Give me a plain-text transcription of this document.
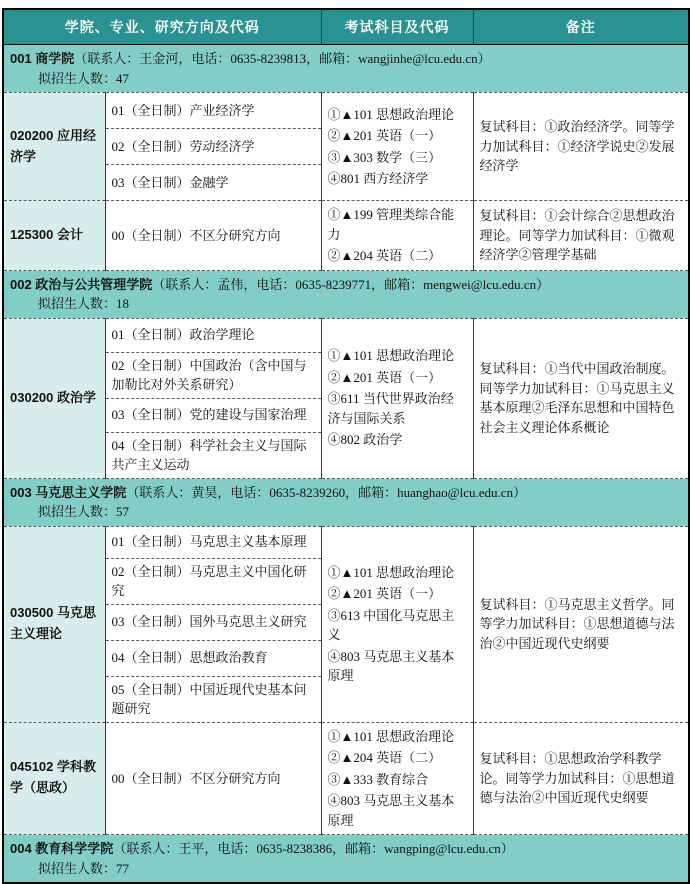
学院、专业、研究方向及代码		考试科目及代码	备注

001 商学院（联系人：王金河，电话：0635-8239813，邮箱：wangjinhe@lcu.edu.cn）
拟招生人数：47			

020200 应用经济学	01（全日制）产业经济学	①▲101 思想政治理论
②▲201 英语（一）
③▲303 数学（三）
④801 西方经济学	复试科目：①政治经济学。同等学力加试科目：①经济学说史②发展经济学
	02（全日制）劳动经济学		
	03（全日制）金融学		
125300 会计	00（全日制）不区分研究方向	①▲199 管理类综合能力
②▲204 英语（二）	复试科目：①会计综合②思想政治理论。同等学力加试科目：①微观经济学②管理学基础

002 政治与公共管理学院（联系人：孟伟，电话：0635-8239771，邮箱：mengwei@lcu.edu.cn）
拟招生人数：18			

030200 政治学	01（全日制）政治学理论	①▲101 思想政治理论
②▲201 英语（一）
③611 当代世界政治经济与国际关系
④802 政治学	复试科目：①当代中国政治制度。同等学力加试科目：①马克思主义基本原理②毛泽东思想和中国特色社会主义理论体系概论
	02（全日制）中国政治（含中国与加勒比对外关系研究）		
	03（全日制）党的建设与国家治理		
	04（全日制）科学社会主义与国际共产主义运动		

003 马克思主义学院（联系人：黄昊，电话：0635-8239260，邮箱：huanghao@lcu.edu.cn）
拟招生人数：57			

030500 马克思主义理论	01（全日制）马克思主义基本原理	①▲101 思想政治理论
②▲201 英语（一）
③613 中国化马克思主义
④803 马克思主义基本原理	复试科目：①马克思主义哲学。同等学力加试科目：①思想道德与法治②中国近现代史纲要
	02（全日制）马克思主义中国化研究		
	03（全日制）国外马克思主义研究		
	04（全日制）思想政治教育		
	05（全日制）中国近现代史基本问题研究		
045102 学科教学（思政）	00（全日制）不区分研究方向	①▲101 思想政治理论
②▲204 英语（二）
③▲333 教育综合
④803 马克思主义基本原理	复试科目：①思想政治学科教学论。同等学力加试科目：①思想道德与法治②中国近现代史纲要

004 教育科学学院（联系人：王平，电话：0635-8238386，邮箱：wangping@lcu.edu.cn）
拟招生人数：77			
